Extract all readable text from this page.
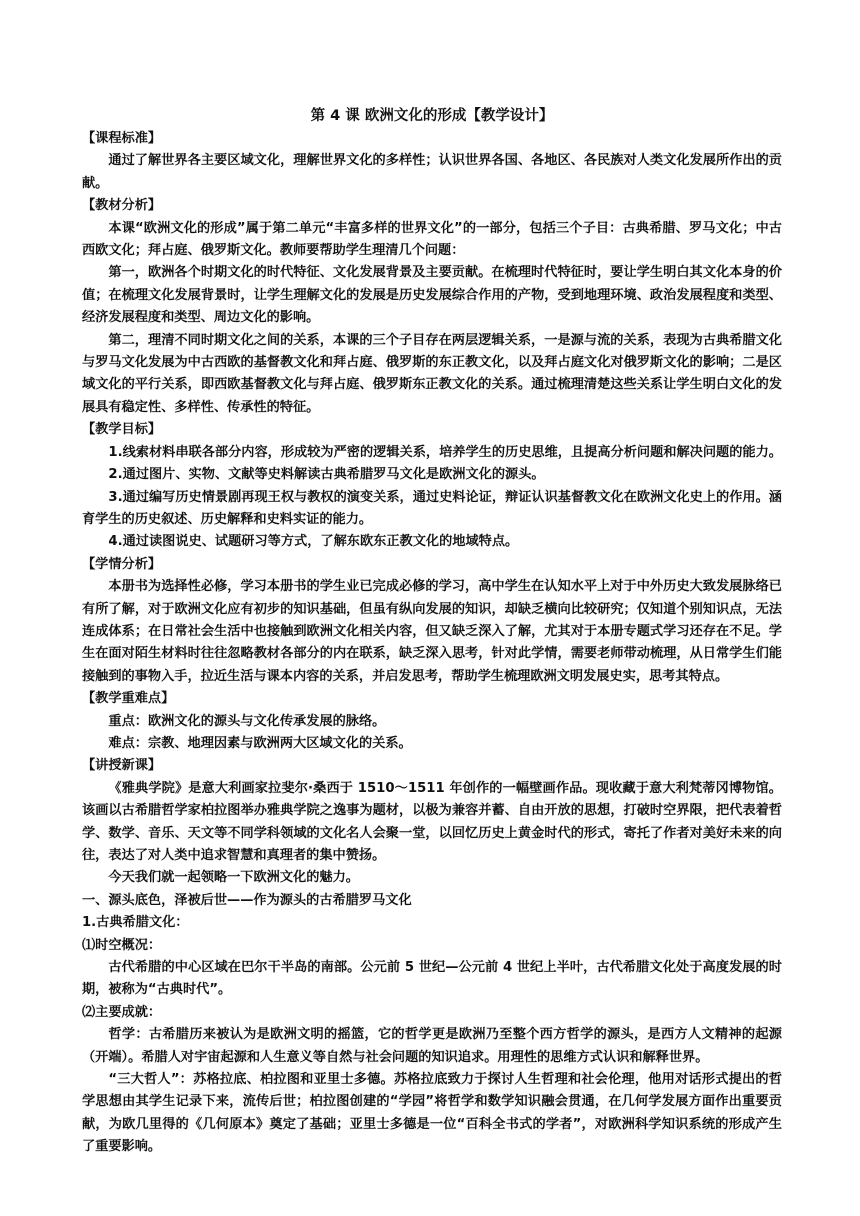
第 4 课 欧洲文化的形成【教学设计】
【课程标准】

通过了解世界各主要区域文化，理解世界文化的多样性；认识世界各国、各地区、各民族对人类文化发展所作出的贡献。

【教材分析】

本课“欧洲文化的形成”属于第二单元“丰富多样的世界文化”的一部分，包括三个子目：古典希腊、罗马文化；中古西欧文化；拜占庭、俄罗斯文化。教师要帮助学生理清几个问题：

第一，欧洲各个时期文化的时代特征、文化发展背景及主要贡献。在梳理时代特征时，要让学生明白其文化本身的价值；在梳理文化发展背景时，让学生理解文化的发展是历史发展综合作用的产物，受到地理环境、政治发展程度和类型、经济发展程度和类型、周边文化的影响。

第二，理清不同时期文化之间的关系，本课的三个子目存在两层逻辑关系，一是源与流的关系，表现为古典希腊文化与罗马文化发展为中古西欧的基督教文化和拜占庭、俄罗斯的东正教文化，以及拜占庭文化对俄罗斯文化的影响；二是区域文化的平行关系，即西欧基督教文化与拜占庭、俄罗斯东正教文化的关系。通过梳理清楚这些关系让学生明白文化的发展具有稳定性、多样性、传承性的特征。

【教学目标】

1.线索材料串联各部分内容，形成较为严密的逻辑关系，培养学生的历史思维，且提高分析问题和解决问题的能力。

2.通过图片、实物、文献等史料解读古典希腊罗马文化是欧洲文化的源头。

3.通过编写历史情景剧再现王权与教权的演变关系，通过史料论证，辩证认识基督教文化在欧洲文化史上的作用。涵育学生的历史叙述、历史解释和史料实证的能力。

4.通过读图说史、试题研习等方式，了解东欧东正教文化的地域特点。

【学情分析】

本册书为选择性必修，学习本册书的学生业已完成必修的学习，高中学生在认知水平上对于中外历史大致发展脉络已有所了解，对于欧洲文化应有初步的知识基础，但虽有纵向发展的知识，却缺乏横向比较研究；仅知道个别知识点，无法连成体系；在日常社会生活中也接触到欧洲文化相关内容，但又缺乏深入了解，尤其对于本册专题式学习还存在不足。学生在面对陌生材料时往往忽略教材各部分的内在联系，缺乏深入思考，针对此学情，需要老师带动梳理，从日常学生们能接触到的事物入手，拉近生活与课本内容的关系，并启发思考，帮助学生梳理欧洲文明发展史实，思考其特点。

【教学重难点】

重点：欧洲文化的源头与文化传承发展的脉络。

难点：宗教、地理因素与欧洲两大区域文化的关系。

【讲授新课】

《雅典学院》是意大利画家拉斐尔·桑西于 1510～1511 年创作的一幅壁画作品。现收藏于意大利梵蒂冈博物馆。该画以古希腊哲学家柏拉图举办雅典学院之逸事为题材，以极为兼容并蓄、自由开放的思想，打破时空界限，把代表着哲学、数学、音乐、天文等不同学科领域的文化名人会聚一堂，以回忆历史上黄金时代的形式，寄托了作者对美好未来的向往，表达了对人类中追求智慧和真理者的集中赞扬。

今天我们就一起领略一下欧洲文化的魅力。

一、源头底色，泽被后世——作为源头的古希腊罗马文化
1.古典希腊文化：
⑴时空概况：

古代希腊的中心区域在巴尔干半岛的南部。公元前 5 世纪—公元前 4 世纪上半叶，古代希腊文化处于高度发展的时期，被称为“古典时代”。

⑵主要成就：

哲学：古希腊历来被认为是欧洲文明的摇篮，它的哲学更是欧洲乃至整个西方哲学的源头，是西方人文精神的起源（开端）。希腊人对宇宙起源和人生意义等自然与社会问题的知识追求。用理性的思维方式认识和解释世界。

“三大哲人”：苏格拉底、柏拉图和亚里士多德。苏格拉底致力于探讨人生哲理和社会伦理，他用对话形式提出的哲学思想由其学生记录下来，流传后世；柏拉图创建的“学园”将哲学和数学知识融会贯通，在几何学发展方面作出重要贡献，为欧几里得的《几何原本》奠定了基础；亚里士多德是一位“百科全书式的学者”，对欧洲科学知识系统的形成产生了重要影响。
